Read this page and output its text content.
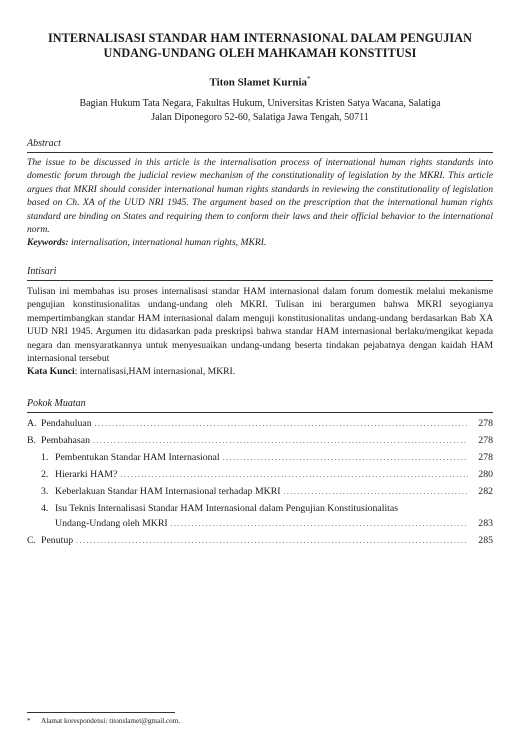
INTERNALISASI STANDAR HAM INTERNASIONAL DALAM PENGUJIAN
UNDANG-UNDANG OLEH MAHKAMAH KONSTITUSI
Titon Slamet Kurnia*
Bagian Hukum Tata Negara, Fakultas Hukum, Universitas Kristen Satya Wacana, Salatiga
Jalan Diponegoro 52-60, Salatiga Jawa Tengah, 50711
Abstract
The issue to be discussed in this article is the internalisation process of international human rights standards into domestic forum through the judicial review mechanism of the constitutionality of legislation by the MKRI. This article argues that MKRI should consider international human rights standards in reviewing the constitutionality of legislation based on Ch. XA of the UUD NRI 1945. The argument based on the prescription that the international human rights standard are binding on States and requiring them to conform their laws and their official behavior to the international norm.
Keywords: internalisation, international human rights, MKRI.
Intisari
Tulisan ini membahas isu proses internalisasi standar HAM internasional dalam forum domestik melalui mekanisme pengujian konstitusionalitas undang-undang oleh MKRI. Tulisan ini berargumen bahwa MKRI seyogianya mempertimbangkan standar HAM internasional dalam menguji konstitusionalitas undang-undang berdasarkan Bab XA UUD NRI 1945. Argumen itu didasarkan pada preskripsi bahwa standar HAM internasional berlaku/mengikat kepada negara dan mensyaratkannya untuk menyesuaikan undang-undang beserta tindakan pejabatnya dengan kaidah HAM internasional tersebut
Kata Kunci: internalisasi,HAM internasional, MKRI.
Pokok Muatan
A. Pendahuluan . . .	278
B. Pembahasan . . .	278
1. Pembentukan Standar HAM Internasional . . .	278
2. Hierarki HAM? . . .	280
3. Keberlakuan Standar HAM Internasional terhadap MKRI . . .	282
4. Isu Teknis Internalisasi Standar HAM Internasional dalam Pengujian Konstitusionalitas
Undang-Undang oleh MKRI . . .	283
C. Penutup . . .	285
* Alamat korespondensi: titonslamet@gmail.com.
